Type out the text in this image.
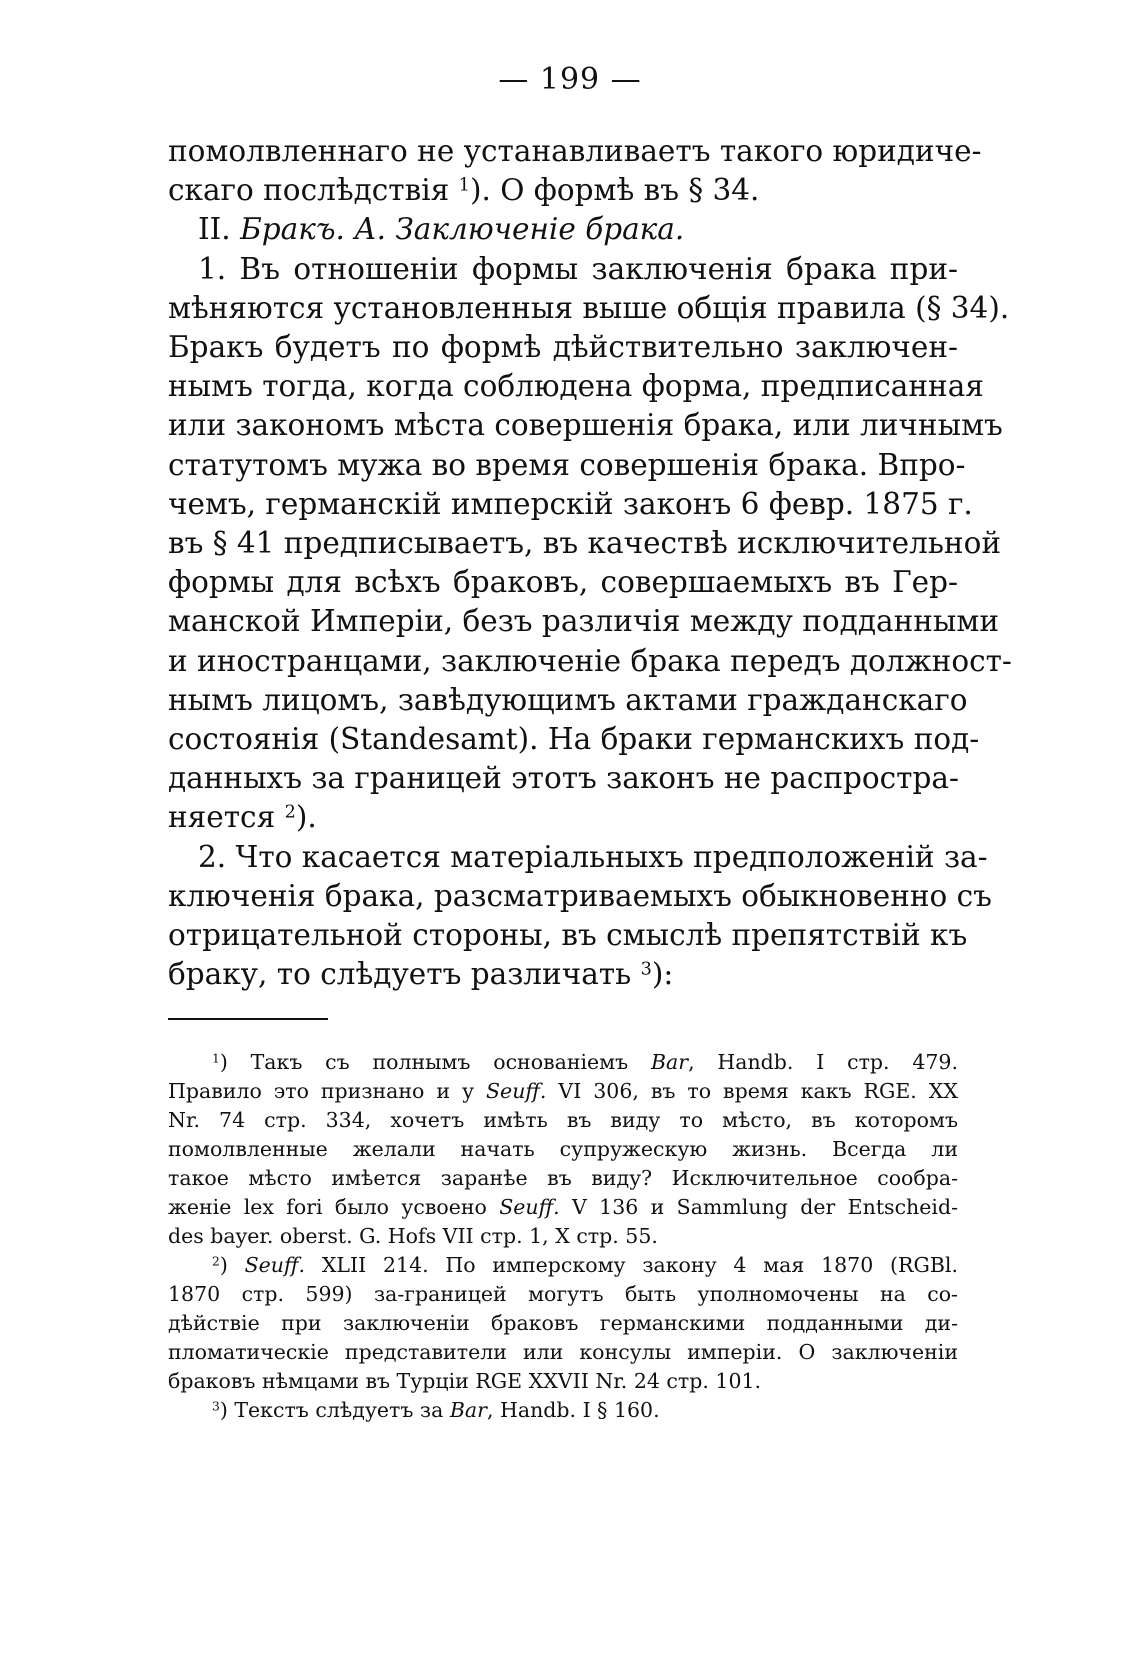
— 199 —

помолвленнаго не устанавливаетъ такого юридиче-
скаго послѣдствія $^1$). О формѣ въ § 34.

II. Бракъ. А. Заключенiе брака.

1. Въ отношеніи формы заключенія брака при-
мѣняются установленныя выше общія правила (§ 34).
Бракъ будетъ по формѣ дѣйствительно заключен-
нымъ тогда, когда соблюдена форма, предписанная
или закономъ мѣста совершенія брака, или личнымъ
статутомъ мужа во время совершенія брака. Впро-
чемъ, германскій имперскій законъ 6 февр. 1875 г.
въ § 41 предписываетъ, въ качествѣ исключительной
формы для всѣхъ браковъ, совершаемыхъ въ Гер-
манской Имперіи, безъ различія между подданными
и иностранцами, заключеніе брака передъ должност-
нымъ лицомъ, завѣдующимъ актами гражданскаго
состоянія (Standesamt). На браки германскихъ под-
данныхъ за границей этотъ законъ не распростра-
няется $^2$).

2. Что касается матеріальныхъ предположеній за-
ключенія брака, разсматриваемыхъ обыкновенно съ
отрицательной стороны, въ смыслѣ препятствій къ
браку, то слѣдуетъ различать $^3$):

$^1$) Такъ съ полнымъ основаніемъ Bar, Handb. I стр. 479.
Правило это признано и у Seuff. VI 306, въ то время какъ RGE. XX
Nr. 74 стр. 334, хочетъ имѣть въ виду то мѣсто, въ которомъ
помолвленные желали начать супружескую жизнь. Всегда ли
такое мѣсто имѣется заранѣе въ виду? Исключительное сообра-
женіе lex fori было усвоено Seuff. V 136 и Sammlung der Entscheid-
des bayer. oberst. G. Hofs VII стр. 1, X стр. 55.

$^2$) Seuff. XLII 214. По имперскому закону 4 мая 1870 (RGBl.
1870 стр. 599) за-границей могутъ быть уполномочены на со-
дѣйствіе при заключеніи браковъ германскими подданными ди-
пломатическіе представители или консулы имперіи. О заключеніи
браковъ нѣмцами въ Турціи RGE XXVII Nr. 24 стр. 101.

$^3$) Текстъ слѣдуетъ за Bar, Handb. I § 160.
